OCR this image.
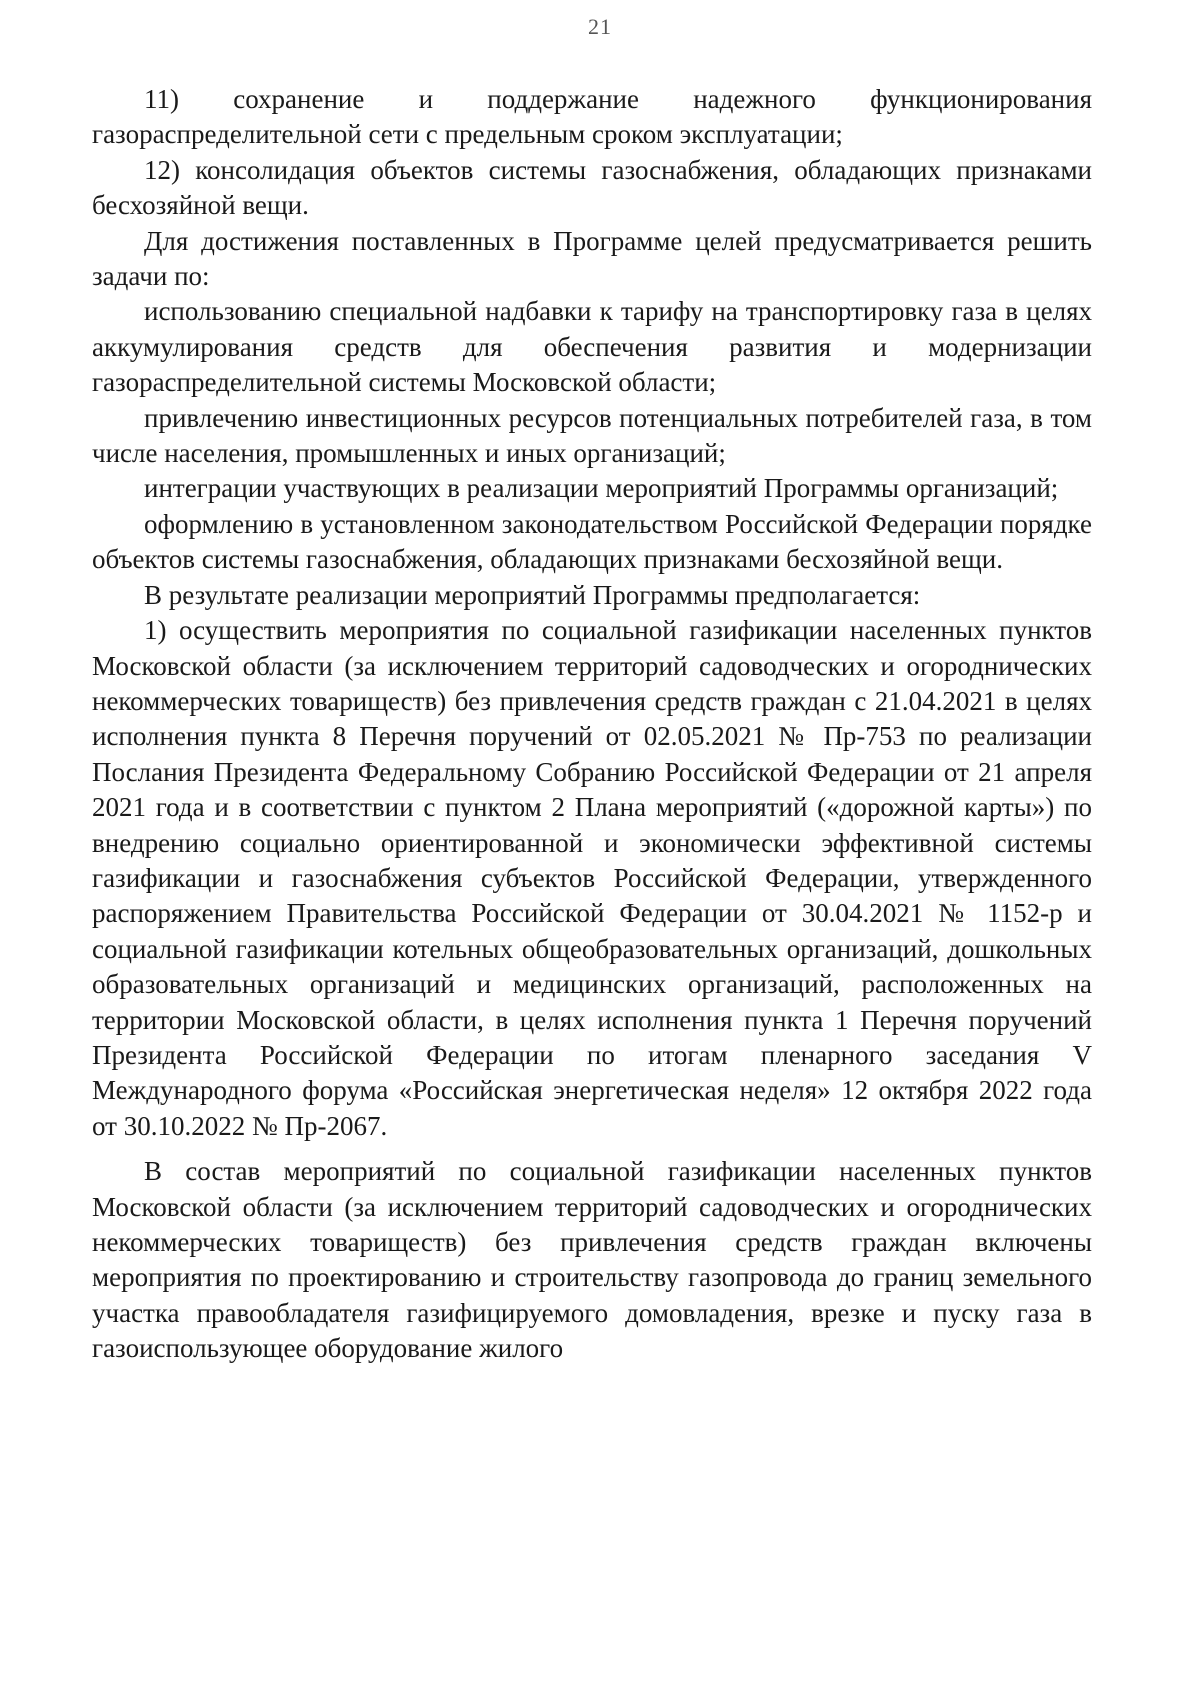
21

11) сохранение и поддержание надежного функционирования газораспределительной сети с предельным сроком эксплуатации;

12) консолидация объектов системы газоснабжения, обладающих признаками бесхозяйной вещи.

Для достижения поставленных в Программе целей предусматривается решить задачи по:

использованию специальной надбавки к тарифу на транспортировку газа в целях аккумулирования средств для обеспечения развития и модернизации газораспределительной системы Московской области;

привлечению инвестиционных ресурсов потенциальных потребителей газа, в том числе населения, промышленных и иных организаций;

интеграции участвующих в реализации мероприятий Программы организаций;

оформлению в установленном законодательством Российской Федерации порядке объектов системы газоснабжения, обладающих признаками бесхозяйной вещи.

В результате реализации мероприятий Программы предполагается:

1) осуществить мероприятия по социальной газификации населенных пунктов Московской области (за исключением территорий садоводческих и огороднических некоммерческих товариществ) без привлечения средств граждан с 21.04.2021 в целях исполнения пункта 8 Перечня поручений от 02.05.2021 № Пр-753 по реализации Послания Президента Федеральному Собранию Российской Федерации от 21 апреля 2021 года и в соответствии с пунктом 2 Плана мероприятий («дорожной карты») по внедрению социально ориентированной и экономически эффективной системы газификации и газоснабжения субъектов Российской Федерации, утвержденного распоряжением Правительства Российской Федерации от 30.04.2021 № 1152-р и социальной газификации котельных общеобразовательных организаций, дошкольных образовательных организаций и медицинских организаций, расположенных на территории Московской области, в целях исполнения пункта 1 Перечня поручений Президента Российской Федерации по итогам пленарного заседания V Международного форума «Российская энергетическая неделя» 12 октября 2022 года от 30.10.2022 № Пр-2067.

В состав мероприятий по социальной газификации населенных пунктов Московской области (за исключением территорий садоводческих и огороднических некоммерческих товариществ) без привлечения средств граждан включены мероприятия по проектированию и строительству газопровода до границ земельного участка правообладателя газифицируемого домовладения, врезке и пуску газа в газоиспользующее оборудование жилого
